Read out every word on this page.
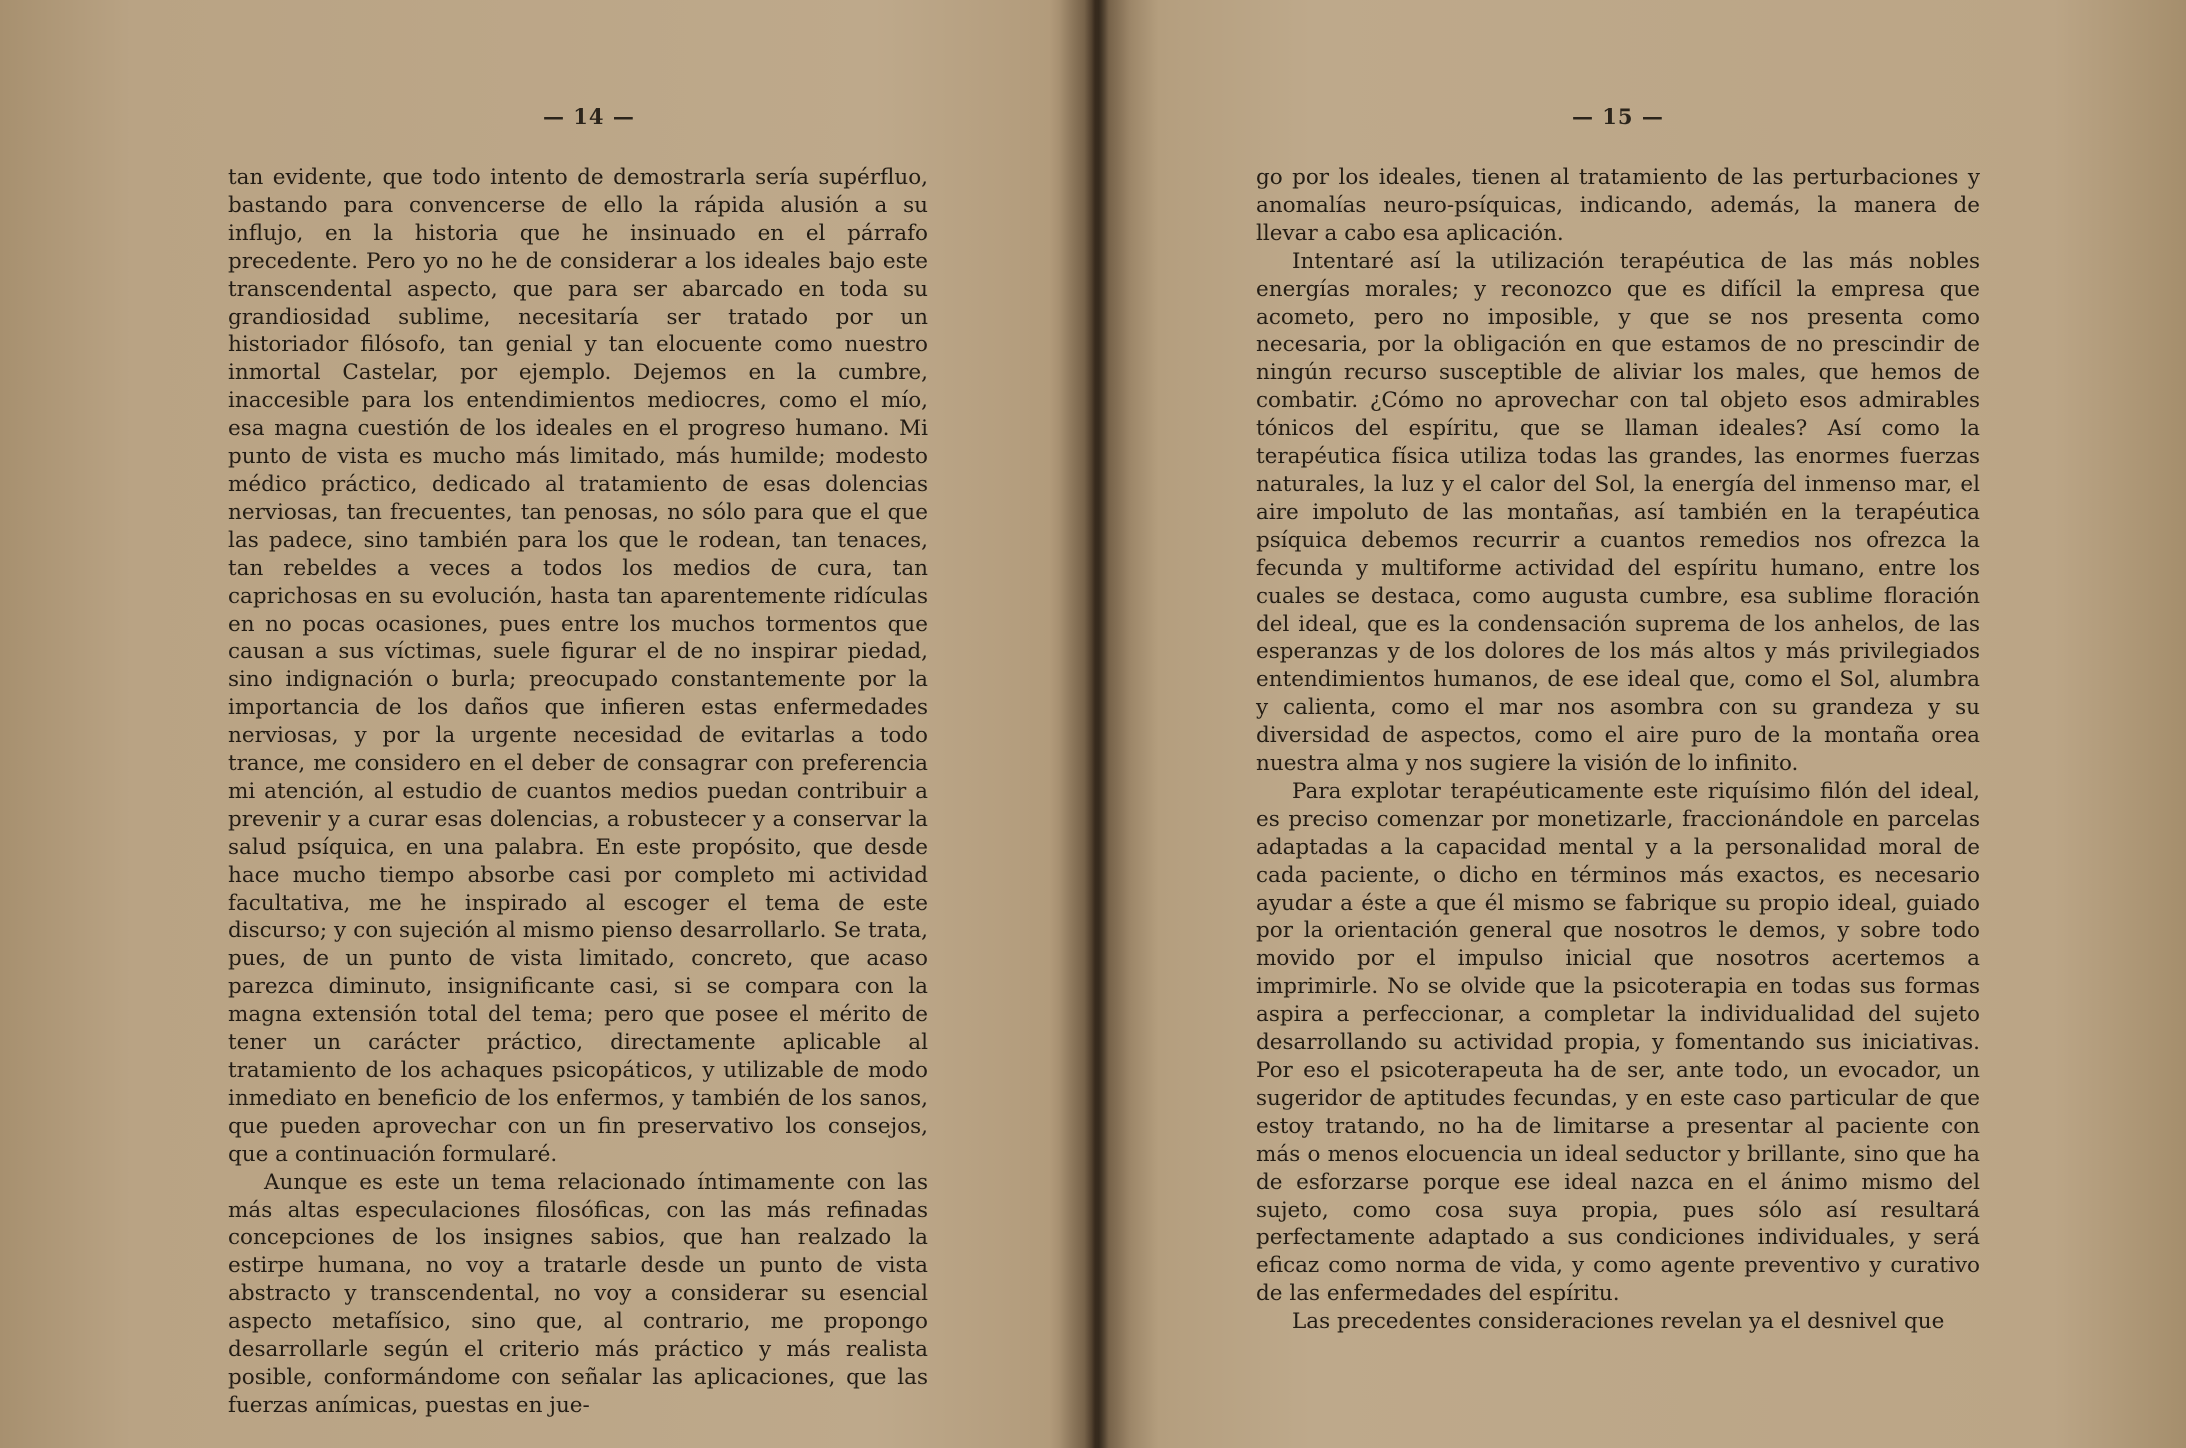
— 14 —

tan evidente, que todo intento de demostrarla sería supérfluo, bastando para convencerse de ello la rápida alusión a su influjo, en la historia que he insinuado en el párrafo precedente. Pero yo no he de considerar a los ideales bajo este transcendental aspecto, que para ser abarcado en toda su grandiosidad sublime, necesitaría ser tratado por un historiador filósofo, tan genial y tan elocuente como nuestro inmortal Castelar, por ejemplo. Dejemos en la cumbre, inaccesible para los entendimientos mediocres, como el mío, esa magna cuestión de los ideales en el progreso humano. Mi punto de vista es mucho más limitado, más humilde; modesto médico práctico, dedicado al tratamiento de esas dolencias nerviosas, tan frecuentes, tan penosas, no sólo para que el que las padece, sino también para los que le rodean, tan tenaces, tan rebeldes a veces a todos los medios de cura, tan caprichosas en su evolución, hasta tan aparentemente ridículas en no pocas ocasiones, pues entre los muchos tormentos que causan a sus víctimas, suele figurar el de no inspirar piedad, sino indignación o burla; preocupado constantemente por la importancia de los daños que infieren estas enfermedades nerviosas, y por la urgente necesidad de evitarlas a todo trance, me considero en el deber de consagrar con preferencia mi atención, al estudio de cuantos medios puedan contribuir a prevenir y a curar esas dolencias, a robustecer y a conservar la salud psíquica, en una palabra. En este propósito, que desde hace mucho tiempo absorbe casi por completo mi actividad facultativa, me he inspirado al escoger el tema de este discurso; y con sujeción al mismo pienso desarrollarlo. Se trata, pues, de un punto de vista limitado, concreto, que acaso parezca diminuto, insignificante casi, si se compara con la magna extensión total del tema; pero que posee el mérito de tener un carácter práctico, directamente aplicable al tratamiento de los achaques psicopáticos, y utilizable de modo inmediato en beneficio de los enfermos, y también de los sanos, que pueden aprovechar con un fin preservativo los consejos, que a continuación formularé.

Aunque es este un tema relacionado íntimamente con las más altas especulaciones filosóficas, con las más refinadas concepciones de los insignes sabios, que han realzado la estirpe humana, no voy a tratarle desde un punto de vista abstracto y transcendental, no voy a considerar su esencial aspecto metafísico, sino que, al contrario, me propongo desarrollarle según el criterio más práctico y más realista posible, conformándome con señalar las aplicaciones, que las fuerzas anímicas, puestas en jue-

— 15 —

go por los ideales, tienen al tratamiento de las perturbaciones y anomalías neuro-psíquicas, indicando, además, la manera de llevar a cabo esa aplicación.

Intentaré así la utilización terapéutica de las más nobles energías morales; y reconozco que es difícil la empresa que acometo, pero no imposible, y que se nos presenta como necesaria, por la obligación en que estamos de no prescindir de ningún recurso susceptible de aliviar los males, que hemos de combatir. ¿Cómo no aprovechar con tal objeto esos admirables tónicos del espíritu, que se llaman ideales? Así como la terapéutica física utiliza todas las grandes, las enormes fuerzas naturales, la luz y el calor del Sol, la energía del inmenso mar, el aire impoluto de las montañas, así también en la terapéutica psíquica debemos recurrir a cuantos remedios nos ofrezca la fecunda y multiforme actividad del espíritu humano, entre los cuales se destaca, como augusta cumbre, esa sublime floración del ideal, que es la condensación suprema de los anhelos, de las esperanzas y de los dolores de los más altos y más privilegiados entendimientos humanos, de ese ideal que, como el Sol, alumbra y calienta, como el mar nos asombra con su grandeza y su diversidad de aspectos, como el aire puro de la montaña orea nuestra alma y nos sugiere la visión de lo infinito.

Para explotar terapéuticamente este riquísimo filón del ideal, es preciso comenzar por monetizarle, fraccionándole en parcelas adaptadas a la capacidad mental y a la personalidad moral de cada paciente, o dicho en términos más exactos, es necesario ayudar a éste a que él mismo se fabrique su propio ideal, guiado por la orientación general que nosotros le demos, y sobre todo movido por el impulso inicial que nosotros acertemos a imprimirle. No se olvide que la psicoterapia en todas sus formas aspira a perfeccionar, a completar la individualidad del sujeto desarrollando su actividad propia, y fomentando sus iniciativas. Por eso el psicoterapeuta ha de ser, ante todo, un evocador, un sugeridor de aptitudes fecundas, y en este caso particular de que estoy tratando, no ha de limitarse a presentar al paciente con más o menos elocuencia un ideal seductor y brillante, sino que ha de esforzarse porque ese ideal nazca en el ánimo mismo del sujeto, como cosa suya propia, pues sólo así resultará perfectamente adaptado a sus condiciones individuales, y será eficaz como norma de vida, y como agente preventivo y curativo de las enfermedades del espíritu.

Las precedentes consideraciones revelan ya el desnivel que
